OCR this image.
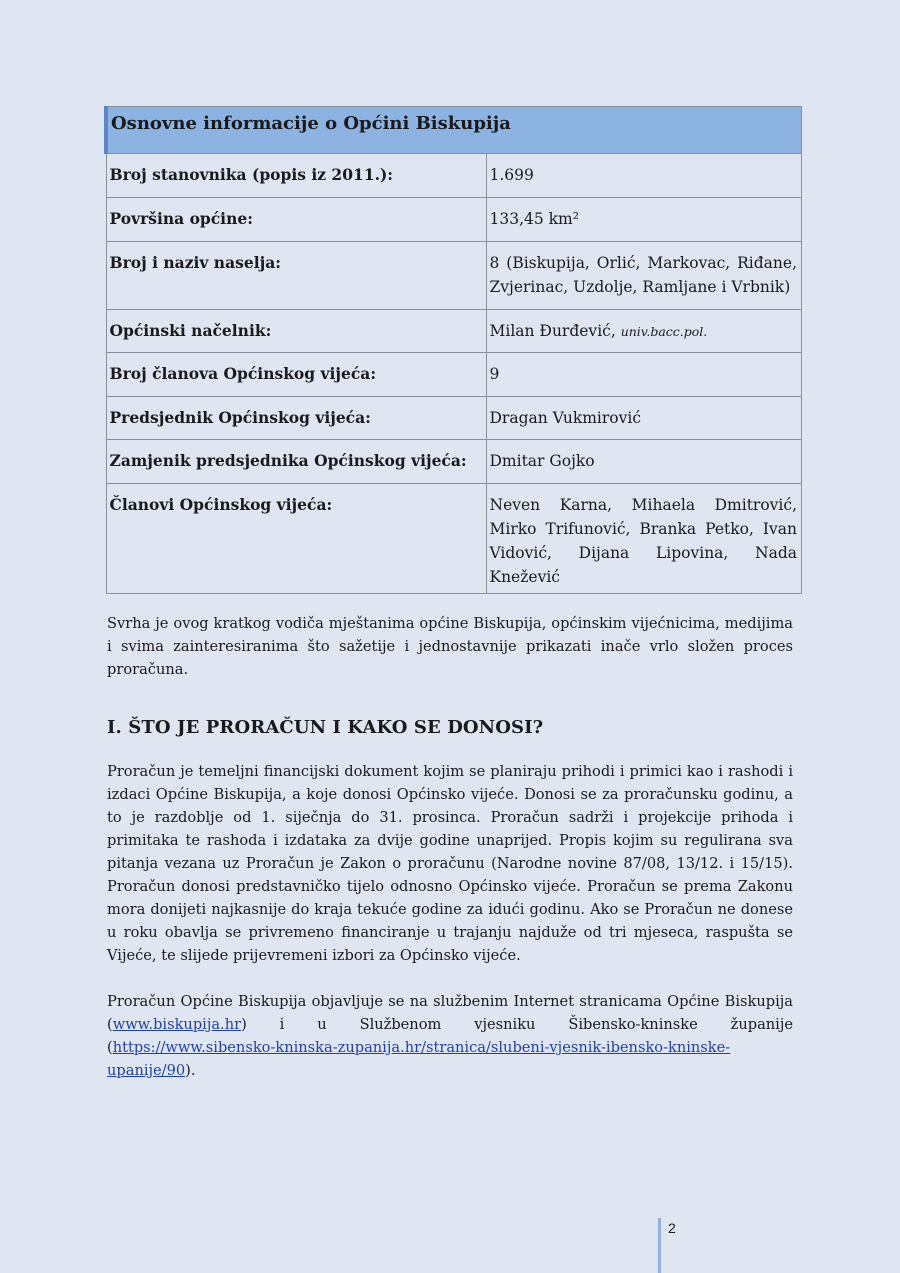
Osnovne informacije o Općini Biskupija	
Broj stanovnika (popis iz 2011.):	1.699
Površina općine:	133,45 km²
Broj i naziv naselja:	8 (Biskupija, Orlić, Markovac, Riđane, Zvjerinac, Uzdolje, Ramljane i Vrbnik)
Općinski načelnik:	Milan Đurđević, univ.bacc.pol.
Broj članova Općinskog vijeća:	9
Predsjednik Općinskog vijeća:	Dragan Vukmirović
Zamjenik predsjednika Općinskog vijeća:	Dmitar Gojko
Članovi Općinskog vijeća:	Neven Karna, Mihaela Dmitrović, Mirko Trifunović, Branka Petko, Ivan Vidović, Dijana Lipovina, Nada Knežević

Svrha je ovog kratkog vodiča mještanima općine Biskupija, općinskim vijećnicima, medijima i svima zainteresiranima što sažetije i jednostavnije prikazati inače vrlo složen proces proračuna.

I. ŠTO JE PRORAČUN I KAKO SE DONOSI?

Proračun je temeljni financijski dokument kojim se planiraju prihodi i primici kao i rashodi i izdaci Općine Biskupija, a koje donosi Općinsko vijeće. Donosi se za proračunsku godinu, a to je razdoblje od 1. siječnja do 31. prosinca. Proračun sadrži i projekcije prihoda i primitaka te rashoda i izdataka za dvije godine unaprijed. Propis kojim su regulirana sva pitanja vezana uz Proračun je Zakon o proračunu (Narodne novine 87/08, 13/12. i 15/15). Proračun donosi predstavničko tijelo odnosno Općinsko vijeće. Proračun se prema Zakonu mora donijeti najkasnije do kraja tekuće godine za idući godinu. Ako se Proračun ne donese u roku obavlja se privremeno financiranje u trajanju najduže od tri mjeseca, raspušta se Vijeće, te slijede prijevremeni izbori za Općinsko vijeće.

Proračun Općine Biskupija objavljuje se na službenim Internet stranicama Općine Biskupija (www.biskupija.hr) i u Službenom vjesniku Šibensko-kninske županije (https://www.sibensko-kninska-zupanija.hr/stranica/slubeni-vjesnik-ibensko-kninske-upanije/90).

2
